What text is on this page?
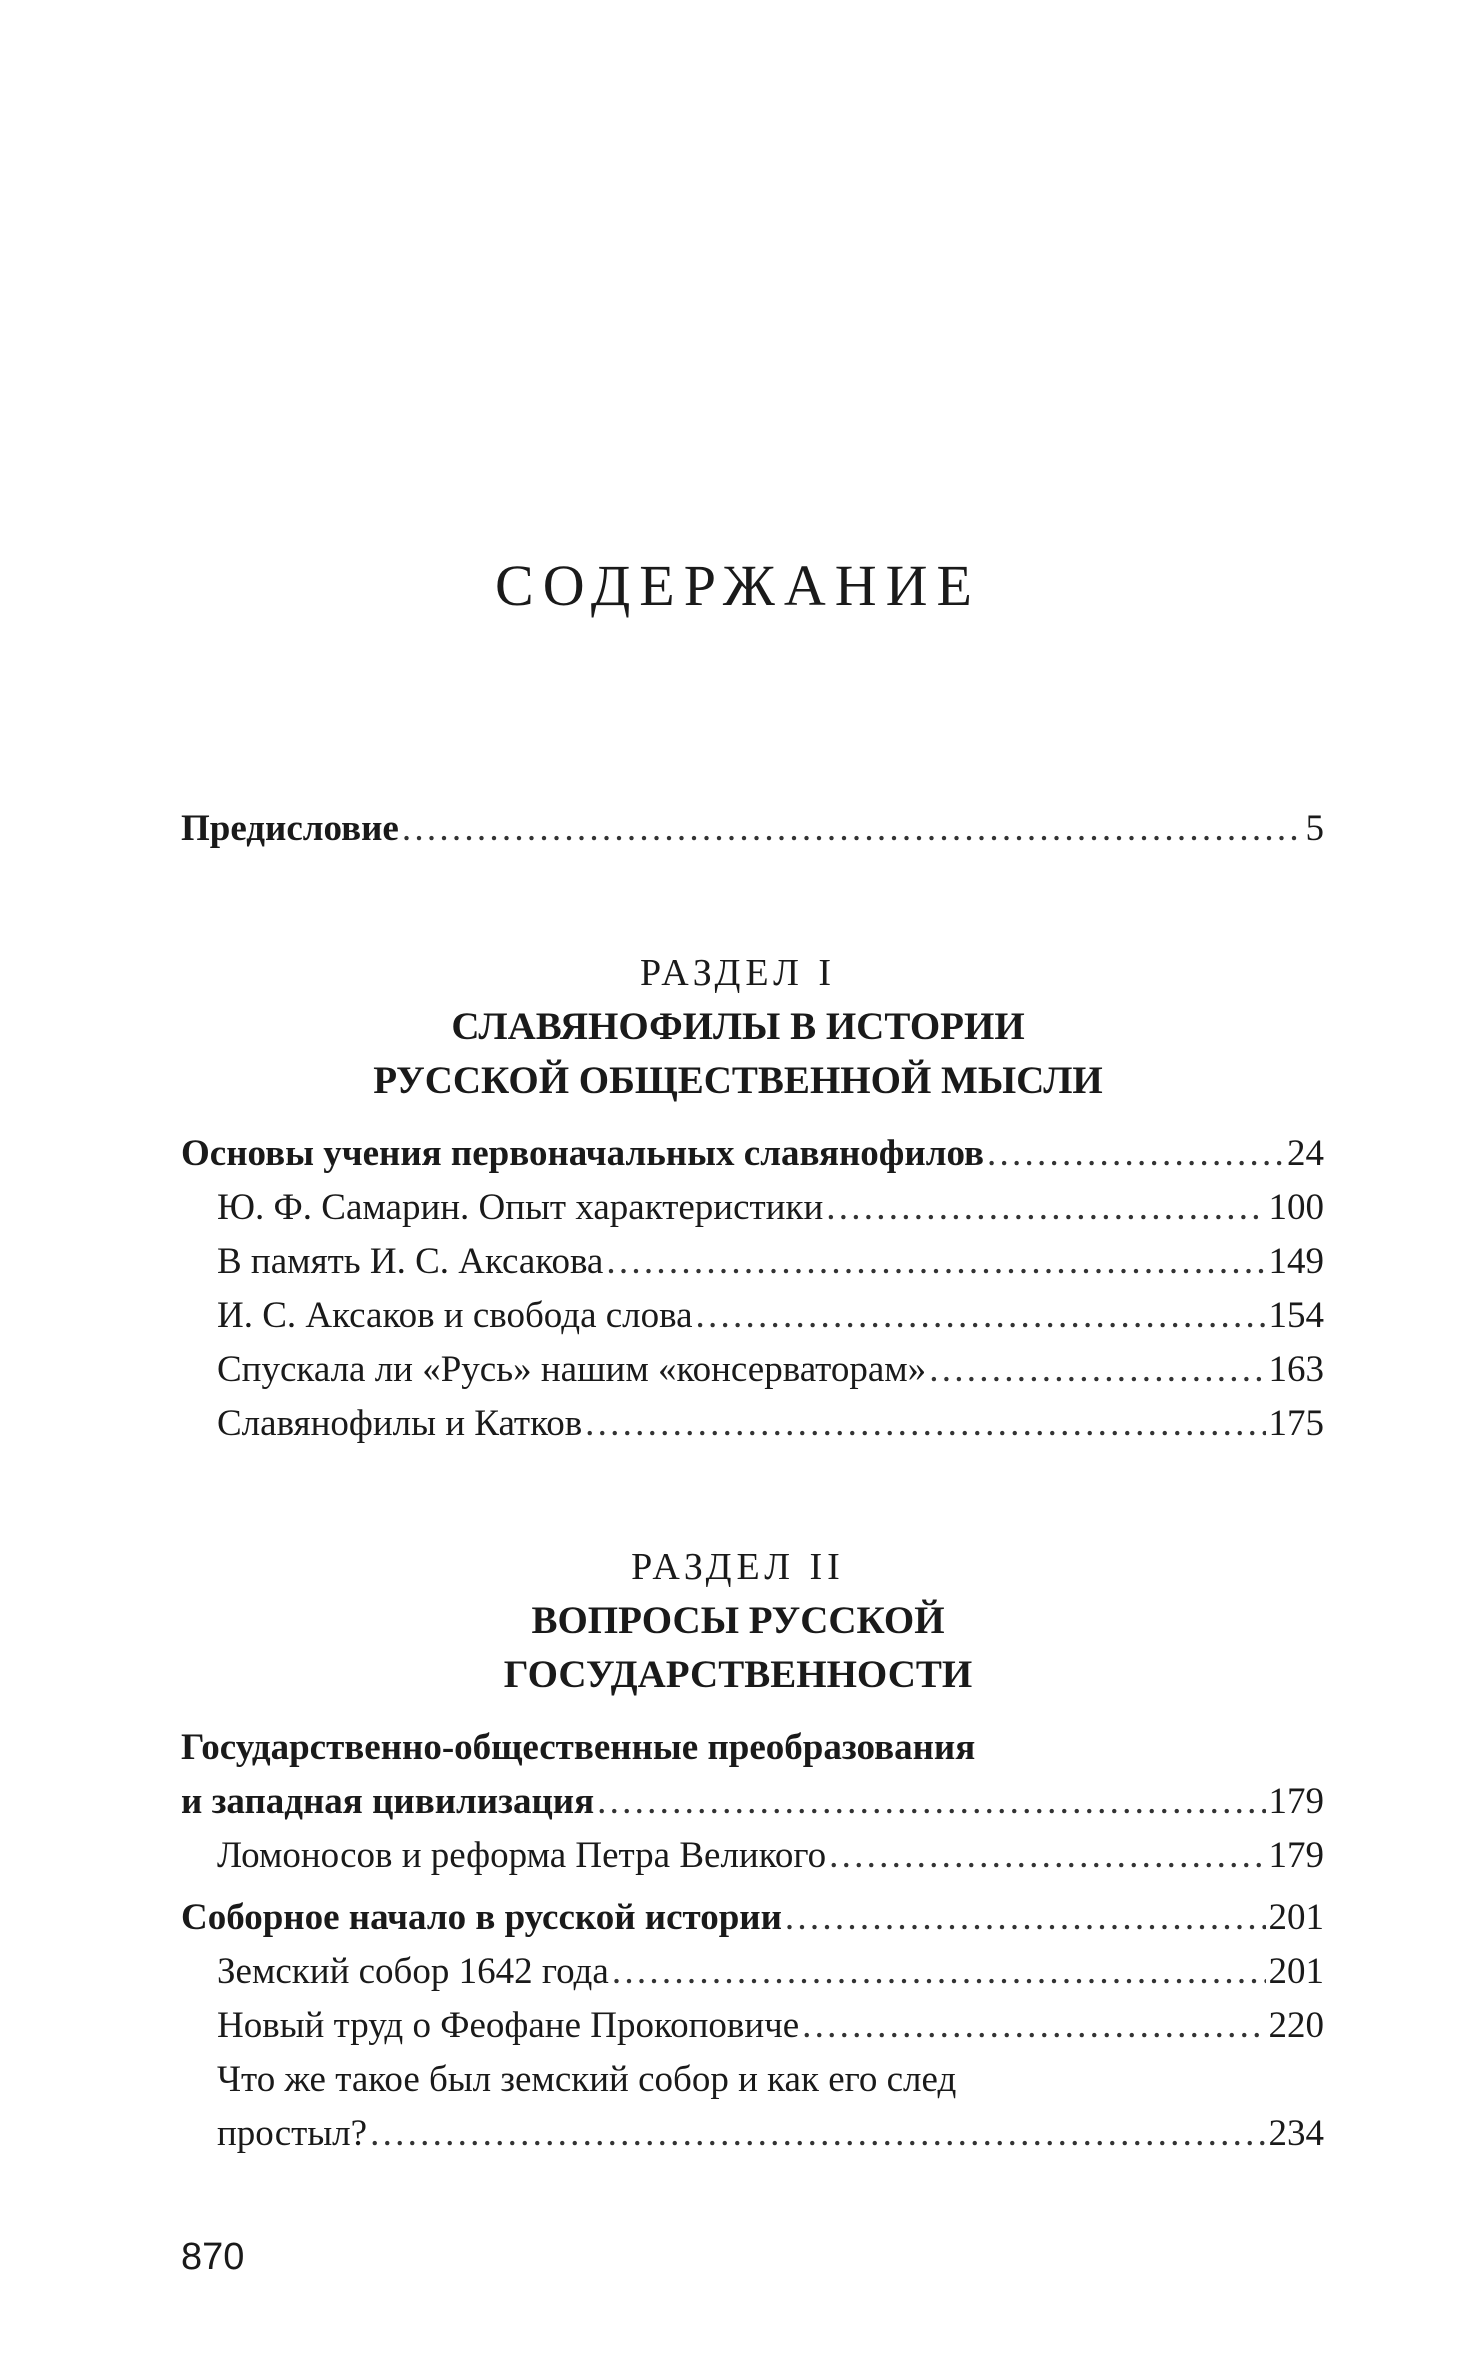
СОДЕРЖАНИЕ
Предисловие . . .	5
РАЗДЕЛ I
СЛАВЯНОФИЛЫ В ИСТОРИИ
РУССКОЙ ОБЩЕСТВЕННОЙ МЫСЛИ
Основы учения первоначальных славянофилов . . .	24
Ю. Ф. Самарин. Опыт характеристики . . .	100
В память И. С. Аксакова . . .	149
И. С. Аксаков и свобода слова . . .	154
Спускала ли «Русь» нашим «консерваторам» . . .	163
Славянофилы и Катков . . .	175
РАЗДЕЛ II
ВОПРОСЫ РУССКОЙ
ГОСУДАРСТВЕННОСТИ
Государственно-общественные преобразования
и западная цивилизация . . .	179
Ломоносов и реформа Петра Великого . . .	179
Соборное начало в русской истории . . .	201
Земский собор 1642 года . . .	201
Новый труд о Феофане Прокоповиче . . .	220
Что же такое был земский собор и как его след
простыл? . . .	234
870
